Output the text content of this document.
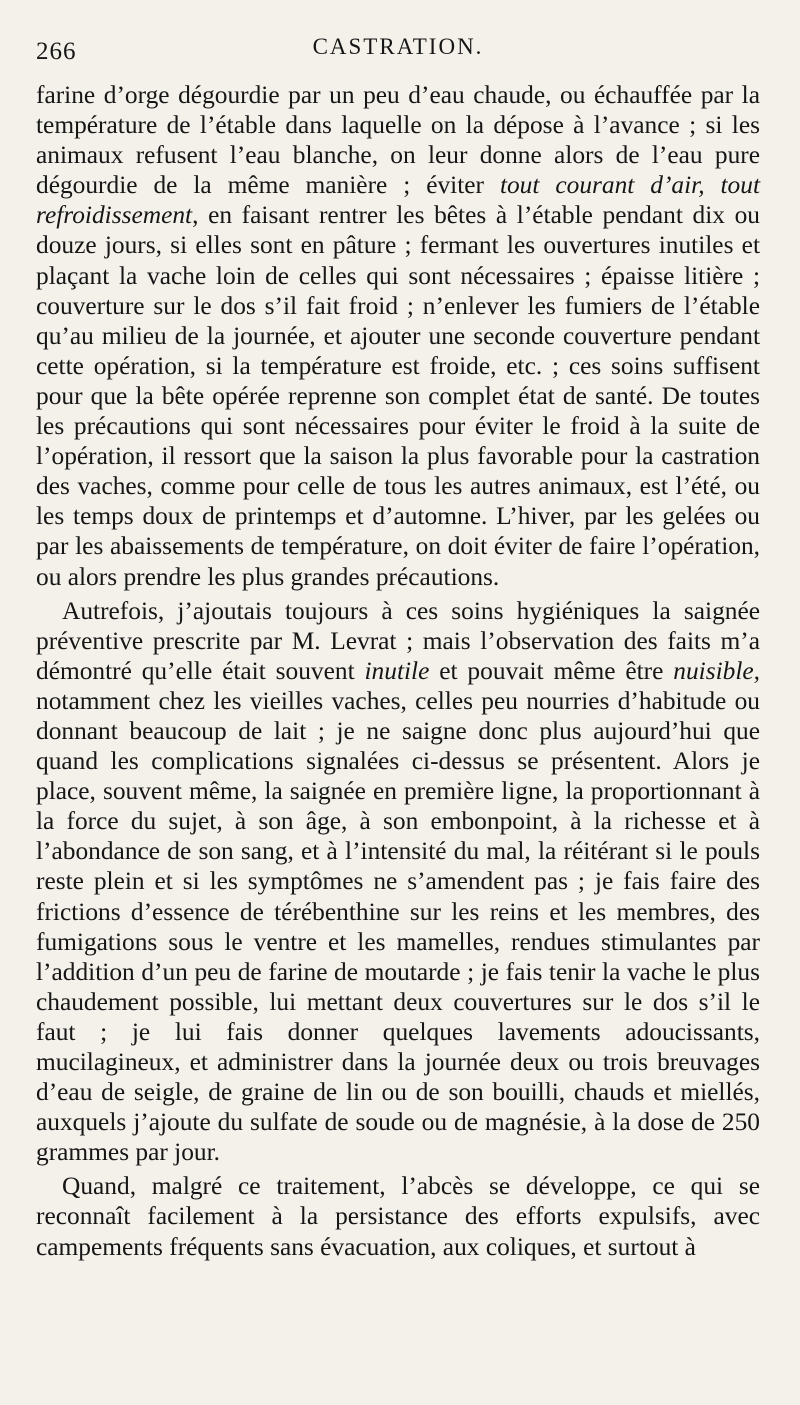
266	CASTRATION.

farine d’orge dégourdie par un peu d’eau chaude, ou échauffée par la température de l’étable dans laquelle on la dépose à l’avance ; si les animaux refusent l’eau blanche, on leur donne alors de l’eau pure dégourdie de la même manière ; éviter tout courant d’air, tout refroidissement, en faisant rentrer les bêtes à l’étable pendant dix ou douze jours, si elles sont en pâture ; fermant les ouvertures inutiles et plaçant la vache loin de celles qui sont nécessaires ; épaisse litière ; couverture sur le dos s’il fait froid ; n’enlever les fumiers de l’étable qu’au milieu de la journée, et ajouter une seconde couverture pendant cette opération, si la température est froide, etc. ; ces soins suffisent pour que la bête opérée reprenne son complet état de santé. De toutes les précautions qui sont nécessaires pour éviter le froid à la suite de l’opération, il ressort que la saison la plus favorable pour la castration des vaches, comme pour celle de tous les autres animaux, est l’été, ou les temps doux de printemps et d’automne. L’hiver, par les gelées ou par les abaissements de température, on doit éviter de faire l’opération, ou alors prendre les plus grandes précautions.

Autrefois, j’ajoutais toujours à ces soins hygiéniques la saignée préventive prescrite par M. Levrat ; mais l’observation des faits m’a démontré qu’elle était souvent inutile et pouvait même être nuisible, notamment chez les vieilles vaches, celles peu nourries d’habitude ou donnant beaucoup de lait ; je ne saigne donc plus aujourd’hui que quand les complications signalées ci-dessus se présentent. Alors je place, souvent même, la saignée en première ligne, la proportionnant à la force du sujet, à son âge, à son embonpoint, à la richesse et à l’abondance de son sang, et à l’intensité du mal, la réitérant si le pouls reste plein et si les symptômes ne s’amendent pas ; je fais faire des frictions d’essence de térébenthine sur les reins et les membres, des fumigations sous le ventre et les mamelles, rendues stimulantes par l’addition d’un peu de farine de moutarde ; je fais tenir la vache le plus chaudement possible, lui mettant deux couvertures sur le dos s’il le faut ; je lui fais donner quelques lavements adoucissants, mucilagineux, et administrer dans la journée deux ou trois breuvages d’eau de seigle, de graine de lin ou de son bouilli, chauds et miellés, auxquels j’ajoute du sulfate de soude ou de magnésie, à la dose de 250 grammes par jour.

Quand, malgré ce traitement, l’abcès se développe, ce qui se reconnaît facilement à la persistance des efforts expulsifs, avec campements fréquents sans évacuation, aux coliques, et surtout à
